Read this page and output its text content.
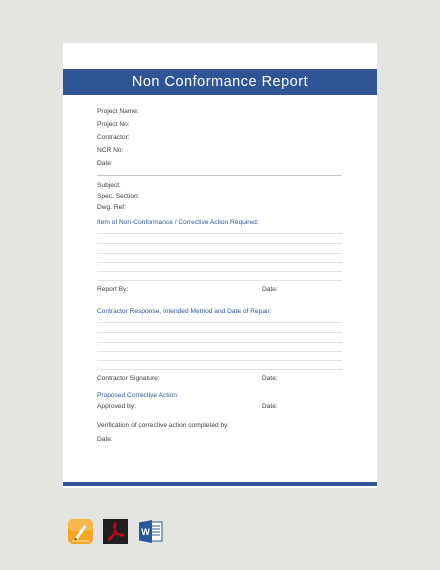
Non Conformance Report
Project Name:
Project No:
Contractor:
NCR No:
Date:
Subject:
Spec. Section:
Dwg. Ref:
Item of Non-Conformance / Corrective Action Required:
Report By:	Date:
Contractor Response, Intended Method and Date of Repair:
Contractor Signature:	Date:
Proposed Corrective Action:
Approved by:	Date:
Verification of corrective action completed by
Date:
W
